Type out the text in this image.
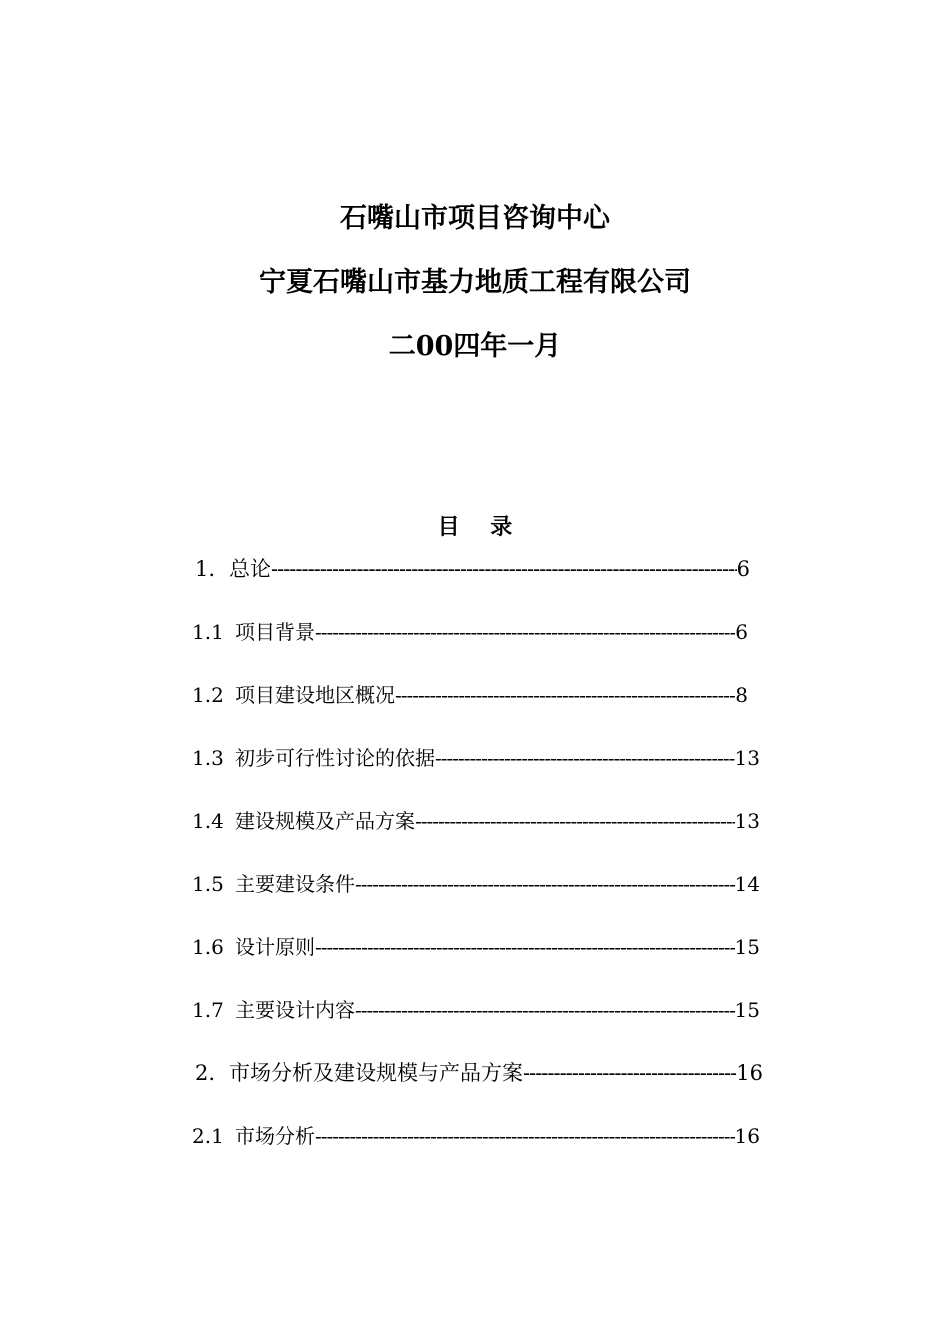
石嘴山市项目咨询中心
宁夏石嘴山市基力地质工程有限公司
二00四年一月
目    录
1. 总论 -----	6
1.1 项目背景 -----	6
1.2 项目建设地区概况 -----	8
1.3 初步可行性讨论的依据 -----	13
1.4 建设规模及产品方案 -----	13
1.5 主要建设条件 -----	14
1.6 设计原则 -----	15
1.7 主要设计内容 -----	15
2. 市场分析及建设规模与产品方案 -----	16
2.1 市场分析 -----	16
